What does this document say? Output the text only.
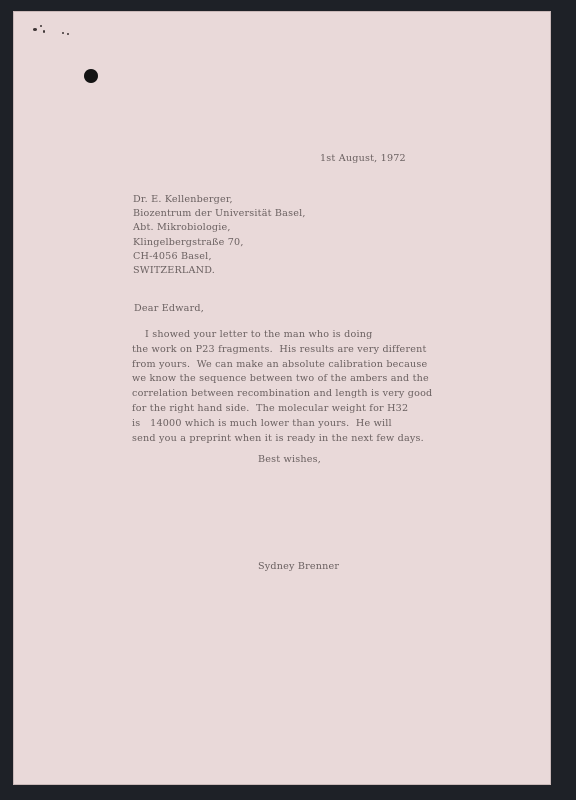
1st August, 1972
Dr. E. Kellenberger,
Biozentrum der Universität Basel,
Abt. Mikrobiologie,
Klingelbergstraße 70,
CH-4056 Basel,
SWITZERLAND.
Dear Edward,
I showed your letter to the man who is doing
the work on P23 fragments.  His results are very different
from yours.  We can make an absolute calibration because
we know the sequence between two of the ambers and the
correlation between recombination and length is very good
for the right hand side.  The molecular weight for H32
is   14000 which is much lower than yours.  He will
send you a preprint when it is ready in the next few days.
Best wishes,
Sydney Brenner
